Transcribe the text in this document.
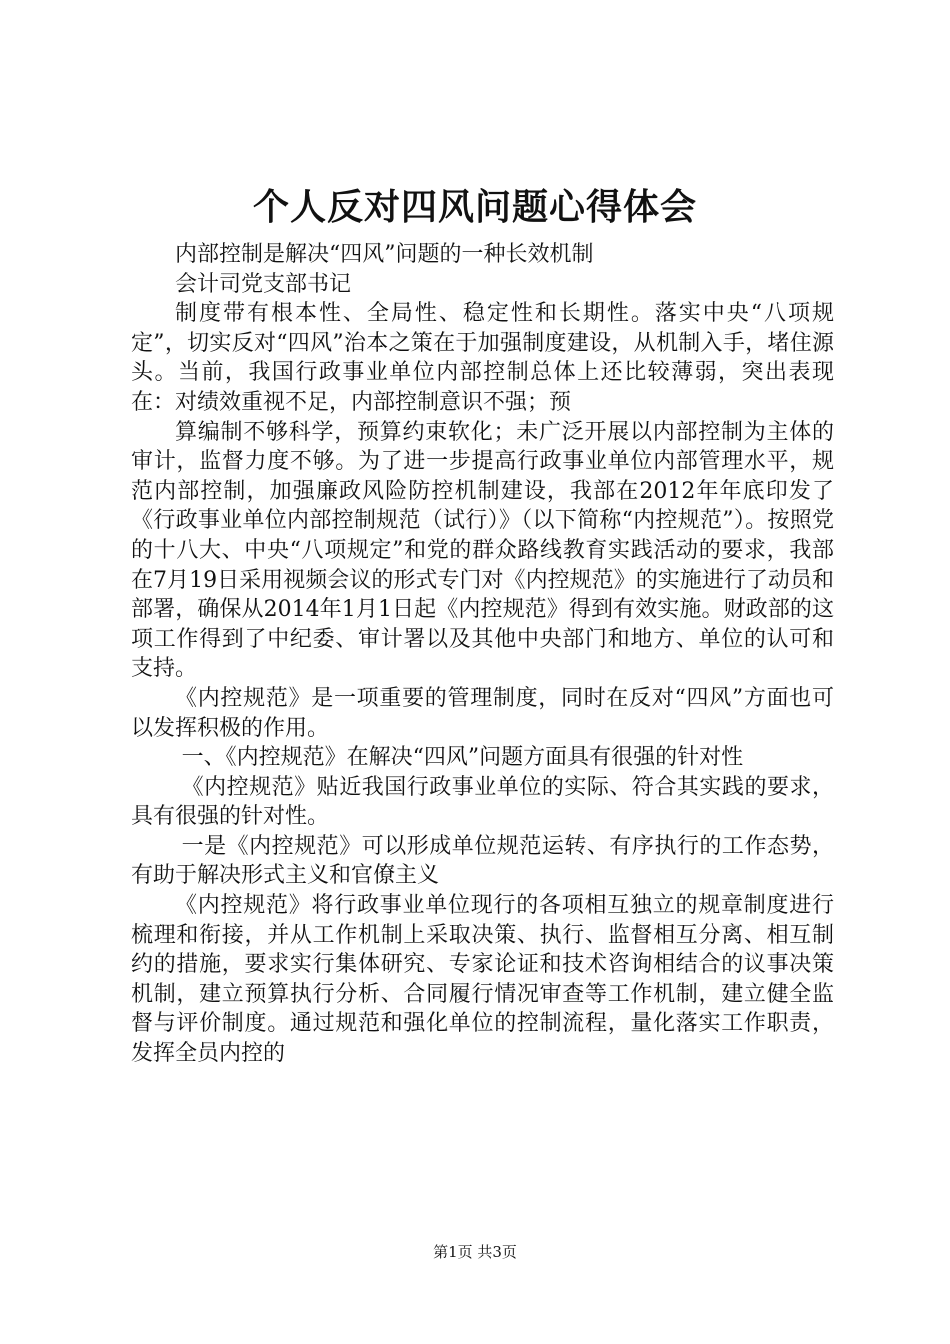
个人反对四风问题心得体会

内部控制是解决“四风”问题的一种长效机制

会计司党支部书记

制度带有根本性、全局性、稳定性和长期性。落实中央“八项规定”，切实反对“四风”治本之策在于加强制度建设，从机制入手，堵住源头。当前，我国行政事业单位内部控制总体上还比较薄弱，突出表现在：对绩效重视不足，内部控制意识不强；预

算编制不够科学，预算约束软化；未广泛开展以内部控制为主体的审计，监督力度不够。为了进一步提高行政事业单位内部管理水平，规范内部控制，加强廉政风险防控机制建设，我部在2012年年底印发了《行政事业单位内部控制规范（试行）》（以下简称“内控规范”）。按照党的十八大、中央“八项规定”和党的群众路线教育实践活动的要求，我部在7月19日采用视频会议的形式专门对《内控规范》的实施进行了动员和部署，确保从2014年1月1日起《内控规范》得到有效实施。财政部的这项工作得到了中纪委、审计署以及其他中央部门和地方、单位的认可和支持。

《内控规范》是一项重要的管理制度，同时在反对“四风”方面也可以发挥积极的作用。

一、《内控规范》在解决“四风”问题方面具有很强的针对性

《内控规范》贴近我国行政事业单位的实际、符合其实践的要求，具有很强的针对性。

一是《内控规范》可以形成单位规范运转、有序执行的工作态势，有助于解决形式主义和官僚主义

《内控规范》将行政事业单位现行的各项相互独立的规章制度进行梳理和衔接，并从工作机制上采取决策、执行、监督相互分离、相互制约的措施，要求实行集体研究、专家论证和技术咨询相结合的议事决策机制，建立预算执行分析、合同履行情况审查等工作机制，建立健全监督与评价制度。通过规范和强化单位的控制流程，量化落实工作职责，发挥全员内控的

第1页 共3页
